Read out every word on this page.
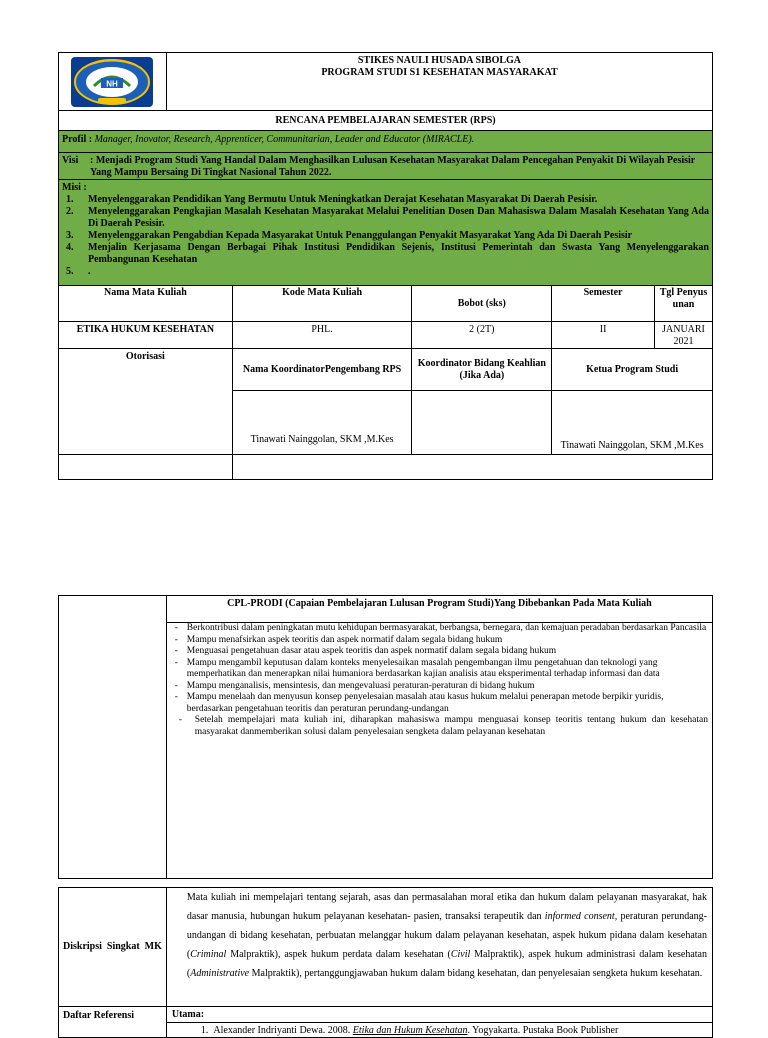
NH

STIKES NAULI HUSADA SIBOLGA
PROGRAM STUDI S1 KESEHATAN MASYARAKAT

RENCANA PEMBELAJARAN SEMESTER (RPS)
Profil : Manager, Inovator, Research, Apprenticer, Communitarian, Leader and Educator (MIRACLE).

Visi : Menjadi Program Studi Yang Handal Dalam Menghasilkan Lulusan Kesehatan Masyarakat Dalam Pencegahan Penyakit Di Wilayah Pesisir Yang Mampu Bersaing Di Tingkat Nasional Tahun 2022.

Misi :
1. Menyelenggarakan Pendidikan Yang Bermutu Untuk Meningkatkan Derajat Kesehatan Masyarakat Di Daerah Pesisir.
2. Menyelenggarakan Pengkajian Masalah Kesehatan Masyarakat Melalui Penelitian Dosen Dan Mahasiswa Dalam Masalah Kesehatan Yang Ada Di Daerah Pesisir.
3. Menyelenggarakan Pengabdian Kepada Masyarakat Untuk Penanggulangan Penyakit Masyarakat Yang Ada Di Daerah Pesisir
4. Menjalin Kerjasama Dengan Berbagai Pihak Institusi Pendidikan Sejenis, Institusi Pemerintah dan Swasta Yang Menyelenggarakan Pembangunan Kesehatan
5. .
Nama Mata Kuliah	Kode Mata Kuliah	Bobot (sks)	Semester	Tgl Penyusunan
ETIKA HUKUM KESEHATAN	PHL.	2 (2T)	II	JANUARI 2021
Otorisasi	Nama KoordinatorPengembang RPS	Koordinator Bidang Keahlian (Jika Ada)	Ketua Program Studi
	Tinawati Nainggolan, SKM ,M.Kes		Tinawati Nainggolan, SKM ,M.Kes

	CPL-PRODI (Capaian Pembelajaran Lulusan Program Studi)Yang Dibebankan Pada Mata Kuliah

- Berkontribusi dalam peningkatan mutu kehidupan bermasyarakat, berbangsa, bernegara, dan kemajuan peradaban berdasarkan Pancasila
- Mampu menafsirkan aspek teoritis dan aspek normatif dalam segala bidang hukum
- Menguasai pengetahuan dasar atau aspek teoritis dan aspek normatif dalam segala bidang hukum
- Mampu mengambil keputusan dalam konteks menyelesaikan masalah pengembangan ilmu pengetahuan dan teknologi yang
memperhatikan dan menerapkan nilai humaniora berdasarkan kajian analisis atau eksperimental terhadap informasi dan data
- Mampu menganalisis, mensintesis, dan mengevaluasi peraturan-peraturan di bidang hukum
- Mampu menelaah dan menyusun konsep penyelesaian masalah atau kasus hukum melalui penerapan metode berpikir yuridis,
berdasarkan pengetahuan teoritis dan peraturan perundang-undangan
- Setelah mempelajari mata kuliah ini, diharapkan mahasiswa mampu menguasai konsep teoritis tentang hukum dan kesehatan masyarakat danmemberikan solusi dalam penyelesaian sengketa dalam pelayanan kesehatan
Diskripsi Singkat MK	Mata kuliah ini mempelajari tentang sejarah, asas dan permasalahan moral etika dan hukum dalam pelayanan masyarakat, hak dasar manusia, hubungan hukum pelayanan kesehatan- pasien, transaksi terapeutik dan informed consent, peraturan perundang-undangan di bidang kesehatan, perbuatan melanggar hukum dalam pelayanan kesehatan, aspek hukum pidana dalam kesehatan (Criminal Malpraktik), aspek hukum perdata dalam kesehatan (Civil Malpraktik), aspek hukum administrasi dalam kesehatan (Administrative Malpraktik), pertanggungjawaban hukum dalam bidang kesehatan, dan penyelesaian sengketa hukum kesehatan.
Daftar Referensi	Utama:
1. Alexander Indriyanti Dewa. 2008. Etika dan Hukum Kesehatan. Yogyakarta. Pustaka Book Publisher
